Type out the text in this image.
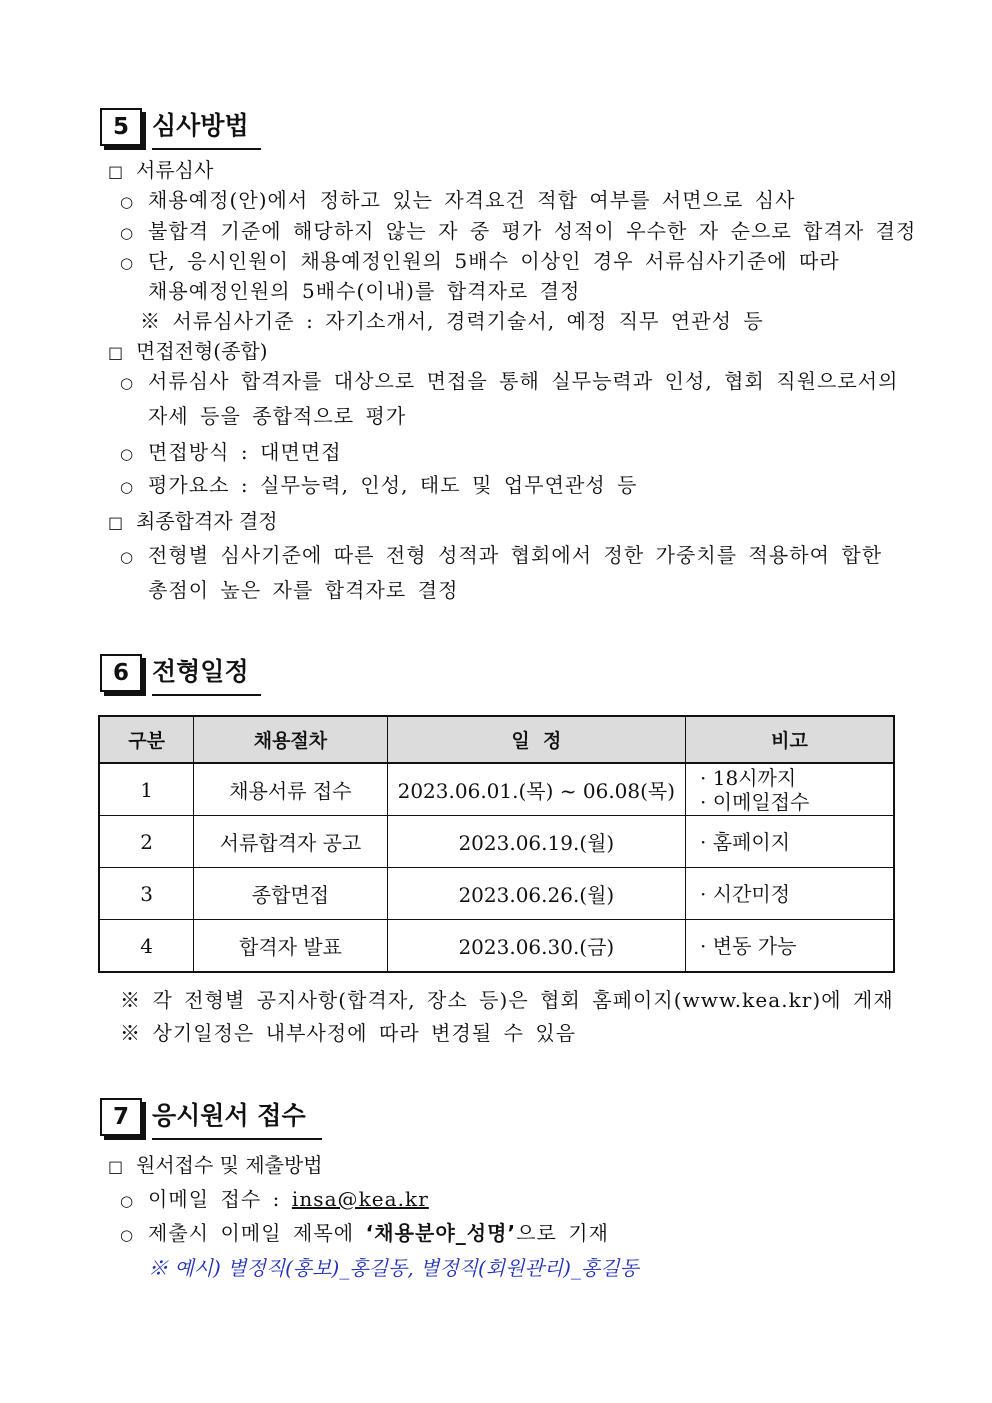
5 심사방법
□ 서류심사
○ 채용예정(안)에서 정하고 있는 자격요건 적합 여부를 서면으로 심사
○ 불합격 기준에 해당하지 않는 자 중 평가 성적이 우수한 자 순으로 합격자 결정
○ 단, 응시인원이 채용예정인원의 5배수 이상인 경우 서류심사기준에 따라
채용예정인원의 5배수(이내)를 합격자로 결정
※ 서류심사기준 : 자기소개서, 경력기술서, 예정 직무 연관성 등
□ 면접전형(종합)
○ 서류심사 합격자를 대상으로 면접을 통해 실무능력과 인성, 협회 직원으로서의
자세 등을 종합적으로 평가
○ 면접방식 : 대면면접
○ 평가요소 : 실무능력, 인성, 태도 및 업무연관성 등
□ 최종합격자 결정
○ 전형별 심사기준에 따른 전형 성적과 협회에서 정한 가중치를 적용하여 합한
총점이 높은 자를 합격자로 결정
6 전형일정
구분	채용절차	일  정	비고
1	채용서류 접수	2023.06.01.(목) ~ 06.08(목)	· 18시까지
· 이메일접수

2	서류합격자 공고	2023.06.19.(월)	· 홈페이지
3	종합면접	2023.06.26.(월)	· 시간미정
4	합격자 발표	2023.06.30.(금)	· 변동 가능
※ 각 전형별 공지사항(합격자, 장소 등)은 협회 홈페이지(www.kea.kr)에 게재
※ 상기일정은 내부사정에 따라 변경될 수 있음
7 응시원서 접수
□ 원서접수 및 제출방법
○ 이메일 접수 : insa@kea.kr
○ 제출시 이메일 제목에 ‘채용분야_성명’으로 기재
※ 예시) 별정직(홍보)_홍길동, 별정직(회원관리)_홍길동
